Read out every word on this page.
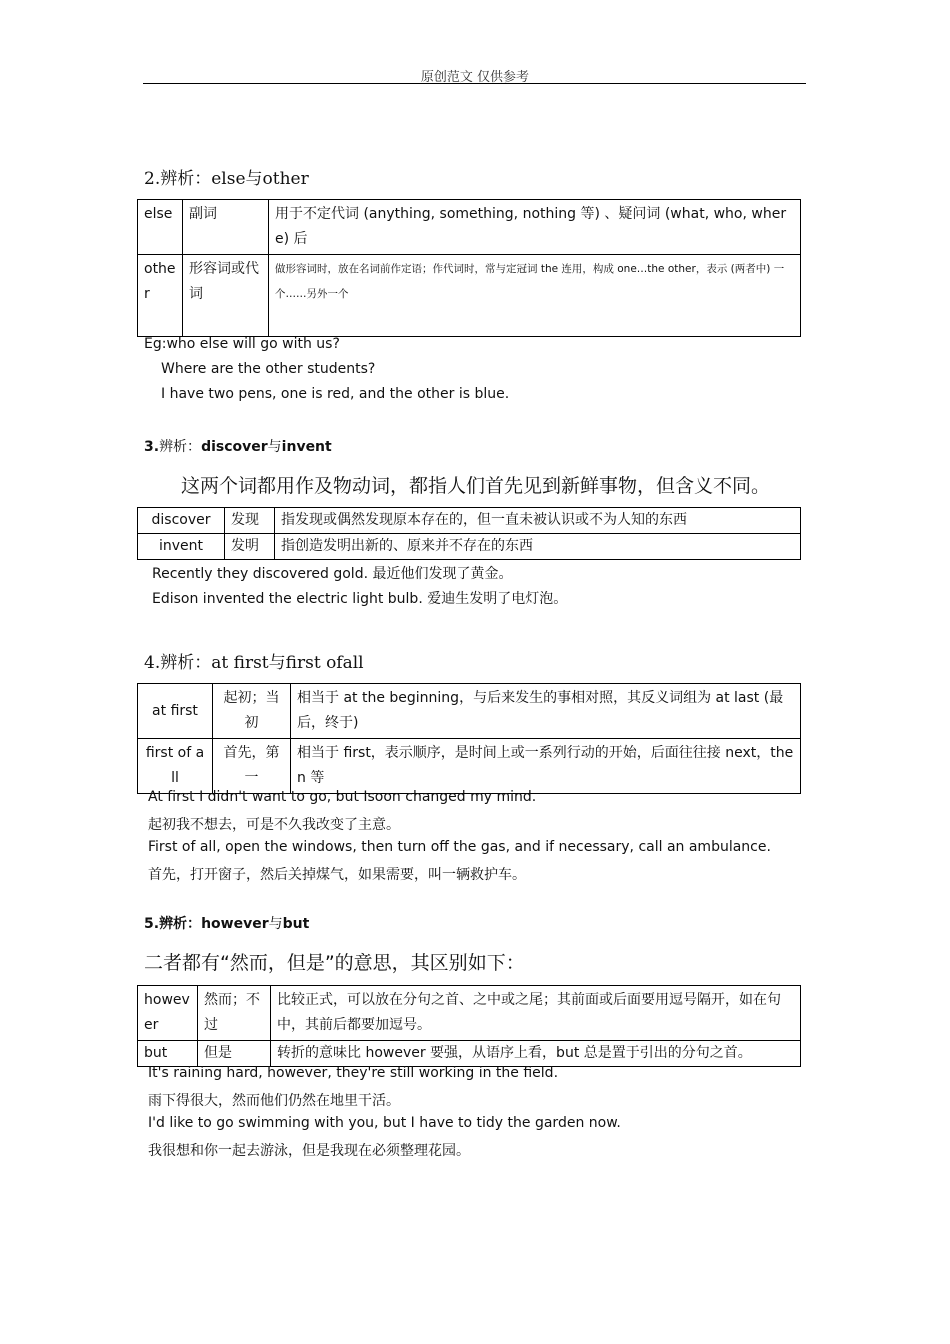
原创范文 仅供参考
2.辨析：else与other
else	副词	用于不定代词 (anything, something, nothing 等) 、疑问词 (what, who, where) 后
other	形容词或代词	做形容词时，放在名词前作定语；作代词时，常与定冠词 the 连用，构成 one…the other，表示 (两者中) 一个……另外一个
Eg:who else will go with us?
Where are the other students?
I have two pens, one is red, and the other is blue.
3.辨析：discover与invent
这两个词都用作及物动词，都指人们首先见到新鲜事物，但含义不同。
discover	发现	指发现或偶然发现原本存在的，但一直未被认识或不为人知的东西
invent	发明	指创造发明出新的、原来并不存在的东西
Recently they discovered gold. 最近他们发现了黄金。
Edison invented the electric light bulb. 爱迪生发明了电灯泡。
4.辨析：at first与first ofall
at first	起初；当初	相当于 at the beginning，与后来发生的事相对照，其反义词组为 at last (最后，终于)
first of all	首先，第一	相当于 first，表示顺序，是时间上或一系列行动的开始，后面往往接 next，then 等
At first I didn't want to go, but Isoon changed my mind.
起初我不想去，可是不久我改变了主意。
First of all, open the windows, then turn off the gas, and if necessary, call an ambulance.
首先，打开窗子，然后关掉煤气，如果需要，叫一辆救护车。
5.辨析：however与but
二者都有“然而，但是”的意思，其区别如下：
however	然而；不过	比较正式，可以放在分句之首、之中或之尾；其前面或后面要用逗号隔开，如在句中，其前后都要加逗号。
but	但是	转折的意味比 however 要强，从语序上看，but 总是置于引出的分句之首。
It's raining hard, however, they're still working in the field.
雨下得很大，然而他们仍然在地里干活。
I'd like to go swimming with you, but I have to tidy the garden now.
我很想和你一起去游泳，但是我现在必须整理花园。
